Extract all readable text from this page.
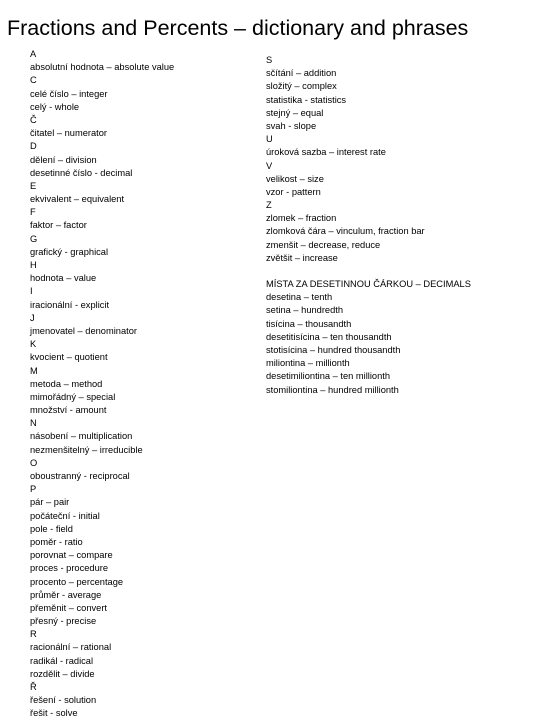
Fractions and Percents – dictionary and phrases
A
absolutní hodnota – absolute value
C
celé číslo – integer
celý - whole
Č
čitatel – numerator
D
dělení – division
desetinné číslo - decimal
E
ekvivalent – equivalent
F
faktor – factor
G
grafický - graphical
H
hodnota – value
I
iracionální - explicit
J
jmenovatel – denominator
K
kvocient – quotient
M
metoda – method
mimořádný – special
množství - amount
N
násobení – multiplication
nezmenšitelný – irreducible
O
oboustranný - reciprocal
P
pár – pair
počáteční - initial
pole - field
poměr - ratio
porovnat – compare
proces - procedure
procento – percentage
průměr - average
přeměnit – convert
přesný - precise
R
racionální – rational
radikál - radical
rozdělit – divide
Ř
řešení - solution
řešit - solve
S
sčítání – addition
složitý – complex
statistika - statistics
stejný – equal
svah - slope
U
úroková sazba – interest rate
V
velikost – size
vzor - pattern
Z
zlomek – fraction
zlomková čára – vinculum, fraction bar
zmenšit – decrease, reduce
zvětšit – increase
MÍSTA ZA DESETINNOU ČÁRKOU – DECIMALS
desetina – tenth
setina – hundredth
tisícina – thousandth
desetitisícina – ten thousandth
stotisícina – hundred thousandth
miliontina – millionth
desetimiliontina – ten millionth
stomiliontina – hundred millionth
